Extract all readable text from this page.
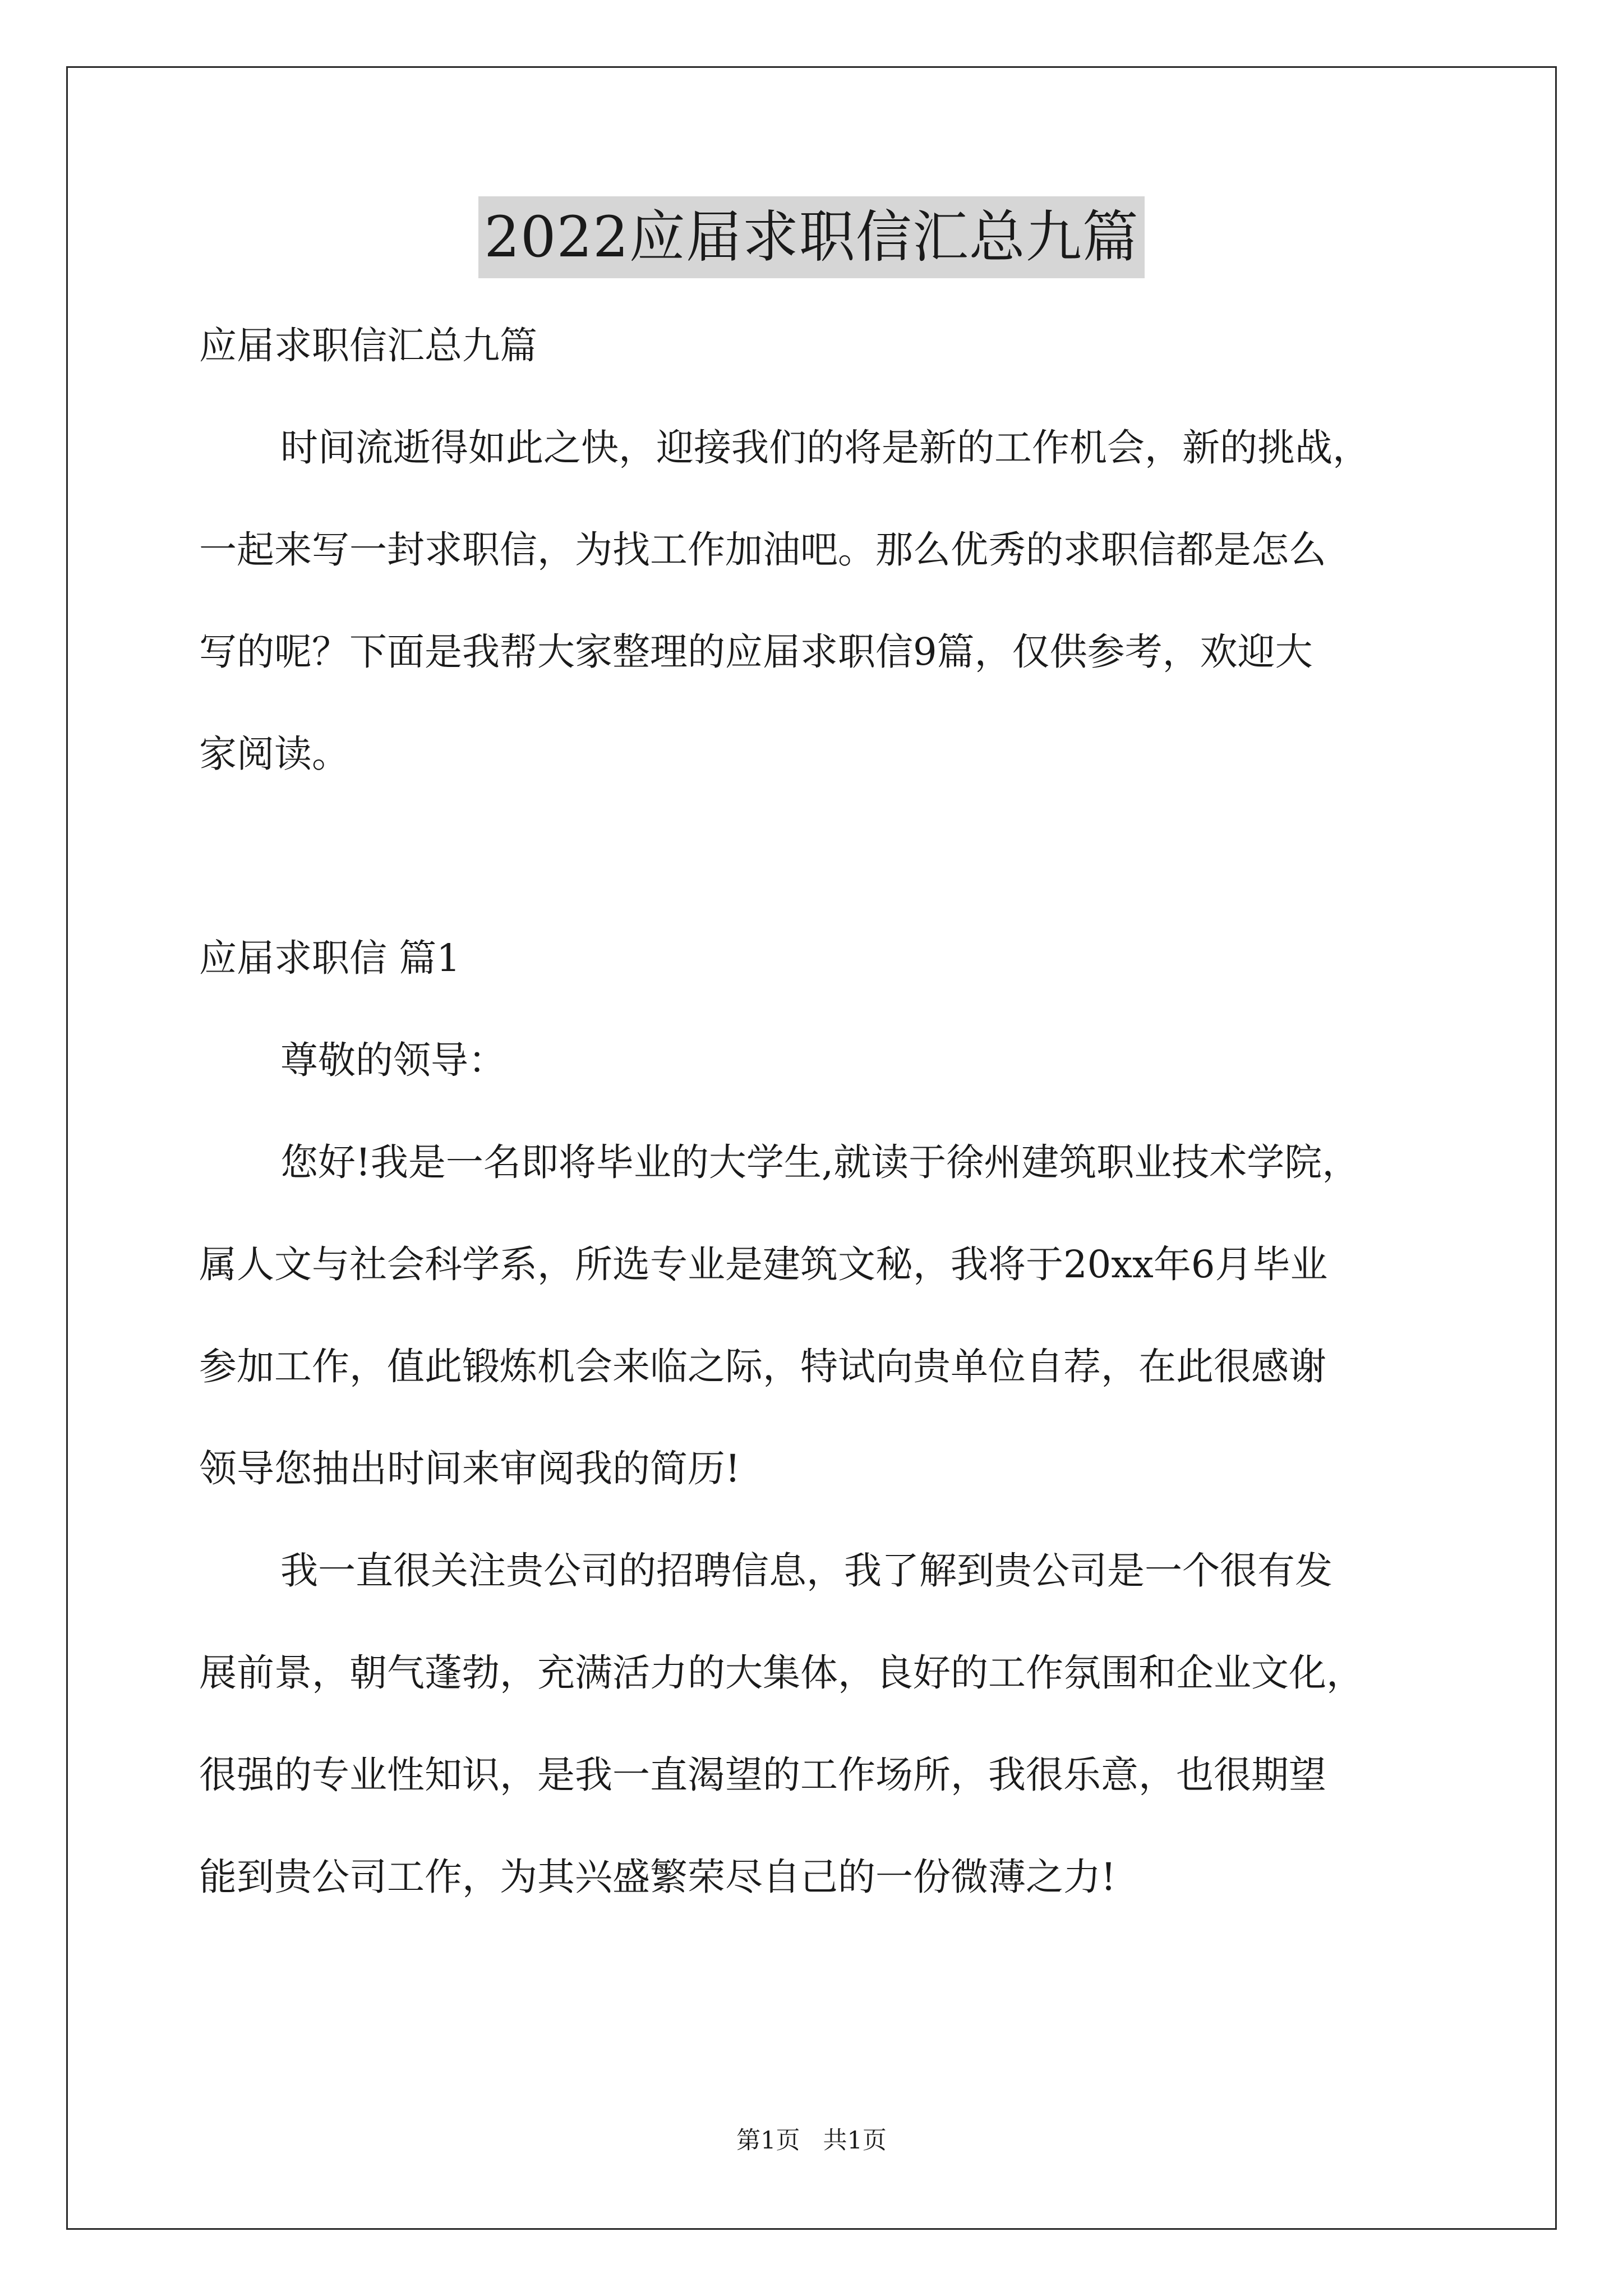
2022应届求职信汇总九篇
应届求职信汇总九篇
时间流逝得如此之快，迎接我们的将是新的工作机会，新的挑战，
一起来写一封求职信，为找工作加油吧。那么优秀的求职信都是怎么
写的呢？下面是我帮大家整理的应届求职信9篇，仅供参考，欢迎大
家阅读。
应届求职信 篇1
尊敬的领导：
您好!我是一名即将毕业的大学生,就读于徐州建筑职业技术学院，
属人文与社会科学系，所选专业是建筑文秘，我将于20xx年6月毕业
参加工作，值此锻炼机会来临之际，特试向贵单位自荐，在此很感谢
领导您抽出时间来审阅我的简历!
我一直很关注贵公司的招聘信息，我了解到贵公司是一个很有发
展前景，朝气蓬勃，充满活力的大集体，良好的工作氛围和企业文化，
很强的专业性知识，是我一直渴望的工作场所，我很乐意，也很期望
能到贵公司工作，为其兴盛繁荣尽自己的一份微薄之力!
第1页   共1页
